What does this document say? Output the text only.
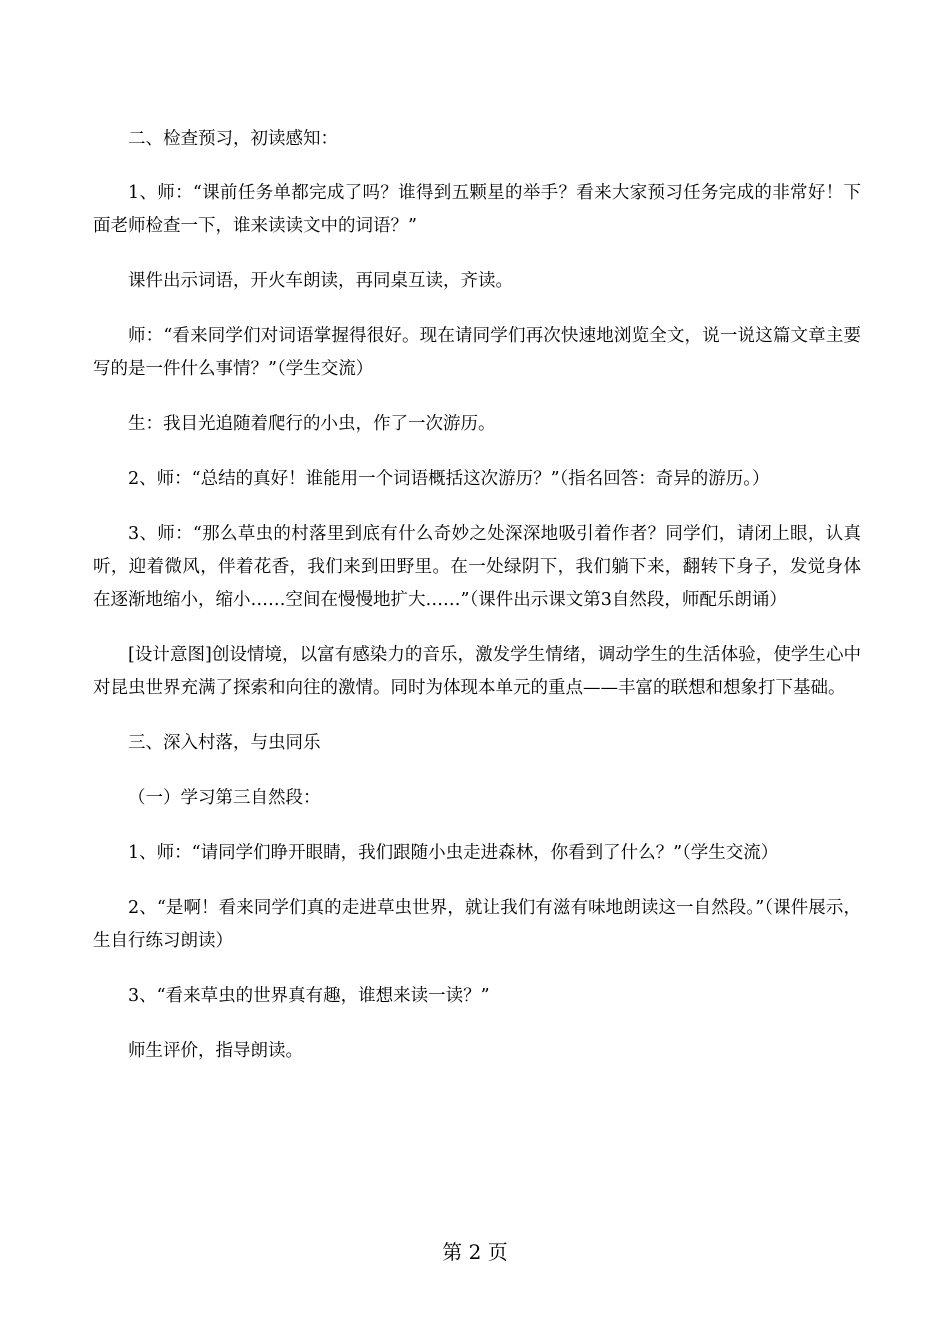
二、检查预习，初读感知：

1、师：“课前任务单都完成了吗？谁得到五颗星的举手？看来大家预习任务完成的非常好！下面老师检查一下，谁来读读文中的词语？”

课件出示词语，开火车朗读，再同桌互读，齐读。

师：“看来同学们对词语掌握得很好。现在请同学们再次快速地浏览全文，说一说这篇文章主要写的是一件什么事情？”（学生交流）

生：我目光追随着爬行的小虫，作了一次游历。

2、师：“总结的真好！谁能用一个词语概括这次游历？”（指名回答：奇异的游历。）

3、师：“那么草虫的村落里到底有什么奇妙之处深深地吸引着作者？同学们，请闭上眼，认真听，迎着微风，伴着花香，我们来到田野里。在一处绿阴下，我们躺下来，翻转下身子，发觉身体在逐渐地缩小，缩小……空间在慢慢地扩大……”（课件出示课文第3自然段，师配乐朗诵）

[设计意图]创设情境，以富有感染力的音乐，激发学生情绪，调动学生的生活体验，使学生心中对昆虫世界充满了探索和向往的激情。同时为体现本单元的重点——丰富的联想和想象打下基础。

三、深入村落，与虫同乐

（一）学习第三自然段：

1、师：“请同学们睁开眼睛，我们跟随小虫走进森林，你看到了什么？”（学生交流）

2、“是啊！看来同学们真的走进草虫世界，就让我们有滋有味地朗读这一自然段。”（课件展示，生自行练习朗读）

3、“看来草虫的世界真有趣，谁想来读一读？”

师生评价，指导朗读。

第 2 页
